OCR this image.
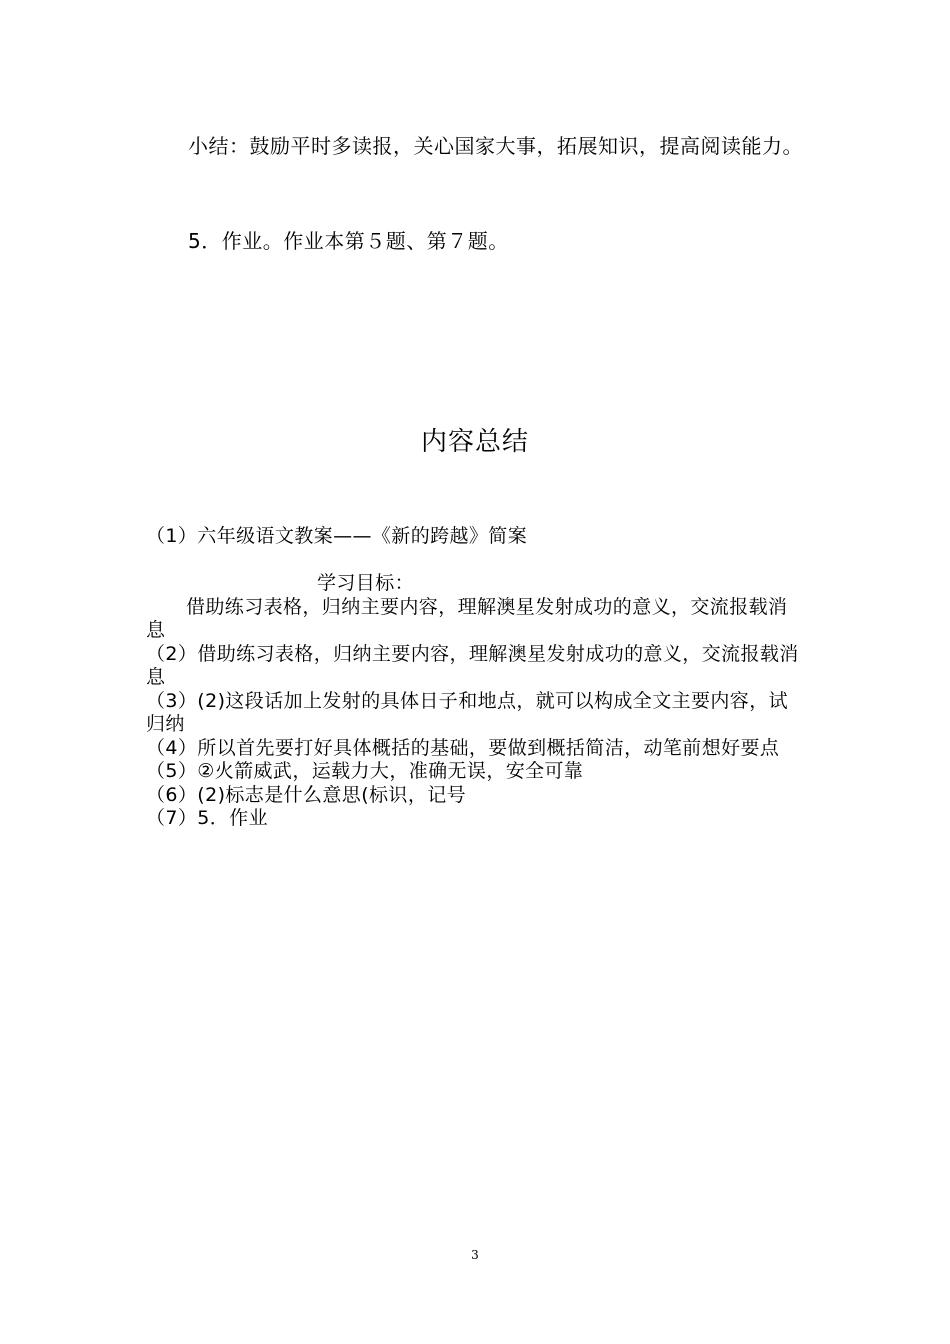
小结：鼓励平时多读报，关心国家大事，拓展知识，提高阅读能力。
5．作业。作业本第５题、第７题。
内容总结
（1）六年级语文教案——《新的跨越》简案
学习目标：
借助练习表格，归纳主要内容，理解澳星发射成功的意义，交流报载消息
（2）借助练习表格，归纳主要内容，理解澳星发射成功的意义，交流报载消息
（3）(2)这段话加上发射的具体日子和地点，就可以构成全文主要内容，试归纳
（4）所以首先要打好具体概括的基础，要做到概括简洁，动笔前想好要点
（5）②火箭威武，运载力大，准确无误，安全可靠
（6）(2)标志是什么意思(标识，记号
（7）5．作业
3
